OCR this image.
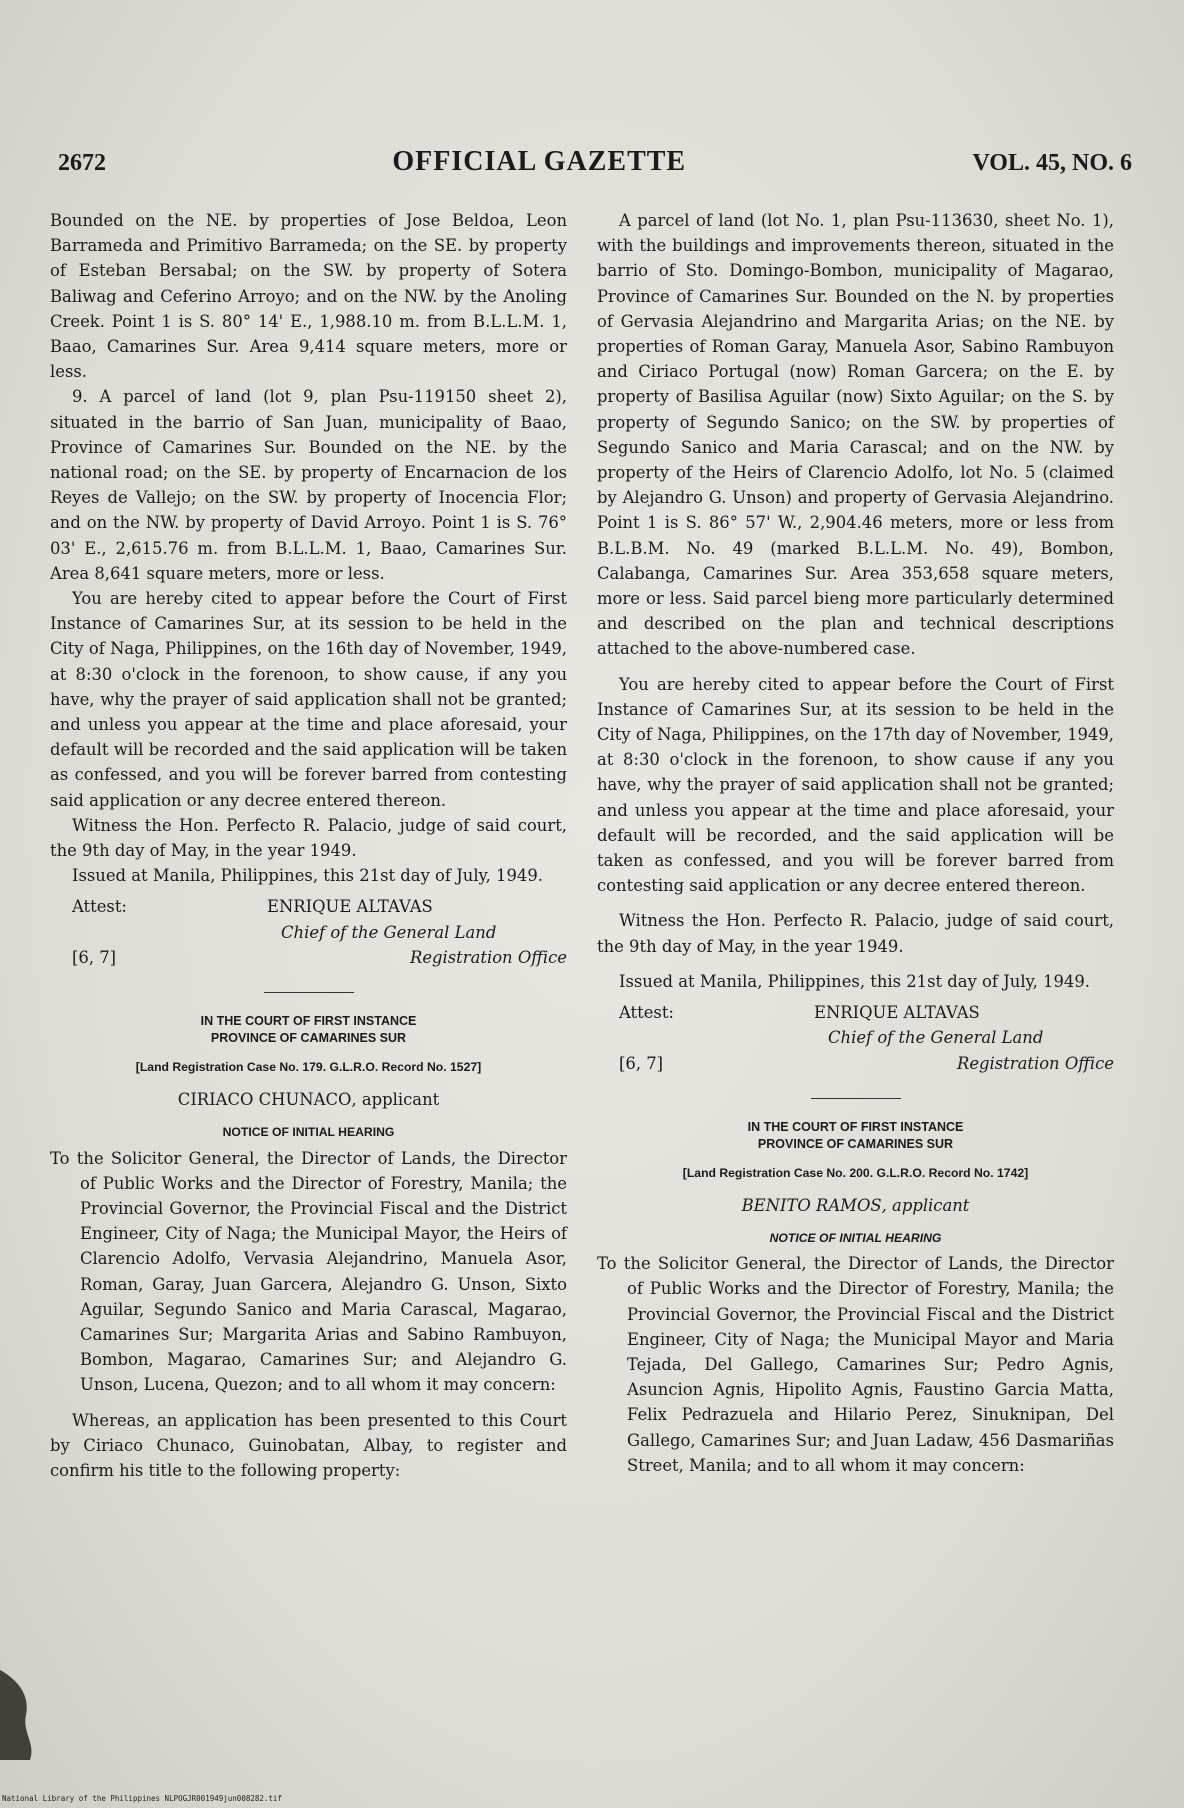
2672	OFFICIAL GAZETTE	VOL. 45, NO. 6

Bounded on the NE. by properties of Jose Beldoa, Leon Barrameda and Primitivo Barrameda; on the SE. by property of Esteban Bersabal; on the SW. by property of Sotera Baliwag and Ceferino Arroyo; and on the NW. by the Anoling Creek. Point 1 is S. 80° 14' E., 1,988.10 m. from B.L.L.M. 1, Baao, Camarines Sur. Area 9,414 square meters, more or less.

9. A parcel of land (lot 9, plan Psu-119150 sheet 2), situated in the barrio of San Juan, municipality of Baao, Province of Camarines Sur. Bounded on the NE. by the national road; on the SE. by property of Encarnacion de los Reyes de Vallejo; on the SW. by property of Inocencia Flor; and on the NW. by property of David Arroyo. Point 1 is S. 76° 03' E., 2,615.76 m. from B.L.L.M. 1, Baao, Camarines Sur. Area 8,641 square meters, more or less.

You are hereby cited to appear before the Court of First Instance of Camarines Sur, at its session to be held in the City of Naga, Philippines, on the 16th day of November, 1949, at 8:30 o'clock in the forenoon, to show cause, if any you have, why the prayer of said application shall not be granted; and unless you appear at the time and place aforesaid, your default will be recorded and the said application will be taken as confessed, and you will be forever barred from contesting said application or any decree entered thereon.

Witness the Hon. Perfecto R. Palacio, judge of said court, the 9th day of May, in the year 1949.

Issued at Manila, Philippines, this 21st day of July, 1949.

Attest:	ENRIQUE ALTAVAS
Chief of the General Land
[6, 7]	Registration Office
IN THE COURT OF FIRST INSTANCE
PROVINCE OF CAMARINES SUR
[Land Registration Case No. 179. G.L.R.O. Record No. 1527]
CIRIACO CHUNACO, applicant
NOTICE OF INITIAL HEARING

To the Solicitor General, the Director of Lands, the Director of Public Works and the Director of Forestry, Manila; the Provincial Governor, the Provincial Fiscal and the District Engineer, City of Naga; the Municipal Mayor, the Heirs of Clarencio Adolfo, Vervasia Alejandrino, Manuela Asor, Roman, Garay, Juan Garcera, Alejandro G. Unson, Sixto Aguilar, Segundo Sanico and Maria Carascal, Magarao, Camarines Sur; Margarita Arias and Sabino Rambuyon, Bombon, Magarao, Camarines Sur; and Alejandro G. Unson, Lucena, Quezon; and to all whom it may concern:

Whereas, an application has been presented to this Court by Ciriaco Chunaco, Guinobatan, Albay, to register and confirm his title to the following property:

A parcel of land (lot No. 1, plan Psu-113630, sheet No. 1), with the buildings and improvements thereon, situated in the barrio of Sto. Domingo-Bombon, municipality of Magarao, Province of Camarines Sur. Bounded on the N. by properties of Gervasia Alejandrino and Margarita Arias; on the NE. by properties of Roman Garay, Manuela Asor, Sabino Rambuyon and Ciriaco Portugal (now) Roman Garcera; on the E. by property of Basilisa Aguilar (now) Sixto Aguilar; on the S. by property of Segundo Sanico; on the SW. by properties of Segundo Sanico and Maria Carascal; and on the NW. by property of the Heirs of Clarencio Adolfo, lot No. 5 (claimed by Alejandro G. Unson) and property of Gervasia Alejandrino. Point 1 is S. 86° 57' W., 2,904.46 meters, more or less from B.L.B.M. No. 49 (marked B.L.L.M. No. 49), Bombon, Calabanga, Camarines Sur. Area 353,658 square meters, more or less. Said parcel bieng more particularly determined and described on the plan and technical descriptions attached to the above-numbered case.

You are hereby cited to appear before the Court of First Instance of Camarines Sur, at its session to be held in the City of Naga, Philippines, on the 17th day of November, 1949, at 8:30 o'clock in the forenoon, to show cause if any you have, why the prayer of said application shall not be granted; and unless you appear at the time and place aforesaid, your default will be recorded, and the said application will be taken as confessed, and you will be forever barred from contesting said application or any decree entered thereon.

Witness the Hon. Perfecto R. Palacio, judge of said court, the 9th day of May, in the year 1949.

Issued at Manila, Philippines, this 21st day of July, 1949.

Attest:	ENRIQUE ALTAVAS
Chief of the General Land
[6, 7]	Registration Office
IN THE COURT OF FIRST INSTANCE
PROVINCE OF CAMARINES SUR
[Land Registration Case No. 200. G.L.R.O. Record No. 1742]
BENITO RAMOS, applicant
NOTICE OF INITIAL HEARING

To the Solicitor General, the Director of Lands, the Director of Public Works and the Director of Forestry, Manila; the Provincial Governor, the Provincial Fiscal and the District Engineer, City of Naga; the Municipal Mayor and Maria Tejada, Del Gallego, Camarines Sur; Pedro Agnis, Asuncion Agnis, Hipolito Agnis, Faustino Garcia Matta, Felix Pedrazuela and Hilario Perez, Sinuknipan, Del Gallego, Camarines Sur; and Juan Ladaw, 456 Dasmariñas Street, Manila; and to all whom it may concern:

National Library of the Philippines NLPOGJR001949jun008282.tif
